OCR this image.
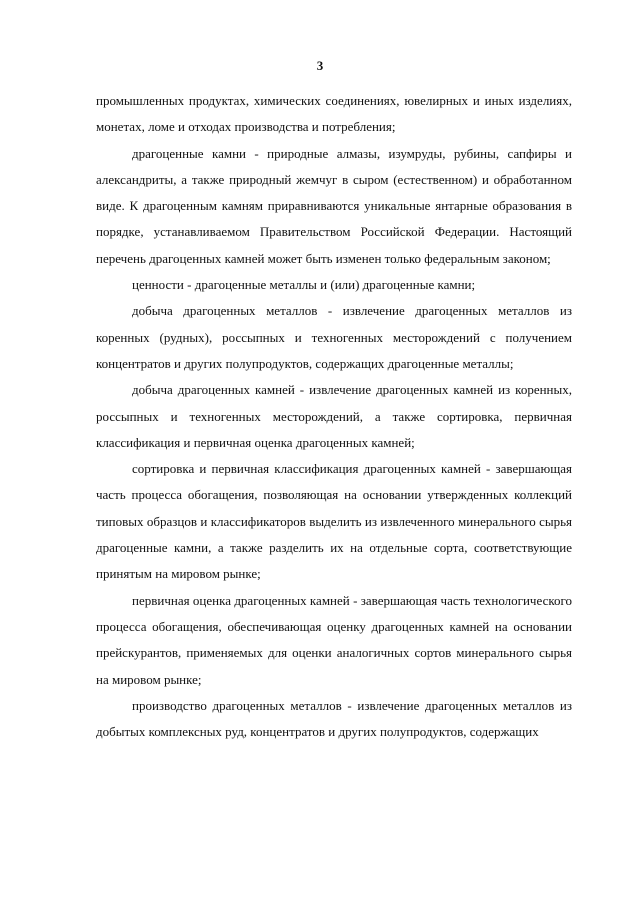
3

промышленных продуктах, химических соединениях, ювелирных и иных изделиях, монетах, ломе и отходах производства и потребления;

драгоценные камни - природные алмазы, изумруды, рубины, сапфиры и александриты, а также природный жемчуг в сыром (естественном) и обработанном виде. К драгоценным камням приравниваются уникальные янтарные образования в порядке, устанавливаемом Правительством Российской Федерации. Настоящий перечень драгоценных камней может быть изменен только федеральным законом;

ценности - драгоценные металлы и (или) драгоценные камни;

добыча драгоценных металлов - извлечение драгоценных металлов из коренных (рудных), россыпных и техногенных месторождений с получением концентратов и других полупродуктов, содержащих драгоценные металлы;

добыча драгоценных камней - извлечение драгоценных камней из коренных, россыпных и техногенных месторождений, а также сортировка, первичная классификация и первичная оценка драгоценных камней;

сортировка и первичная классификация драгоценных камней - завершающая часть процесса обогащения, позволяющая на основании утвержденных коллекций типовых образцов и классификаторов выделить из извлеченного минерального сырья драгоценные камни, а также разделить их на отдельные сорта, соответствующие принятым на мировом рынке;

первичная оценка драгоценных камней - завершающая часть технологического процесса обогащения, обеспечивающая оценку драгоценных камней на основании прейскурантов, применяемых для оценки аналогичных сортов минерального сырья на мировом рынке;

производство драгоценных металлов - извлечение драгоценных металлов из добытых комплексных руд, концентратов и других полупродуктов, содержащих
